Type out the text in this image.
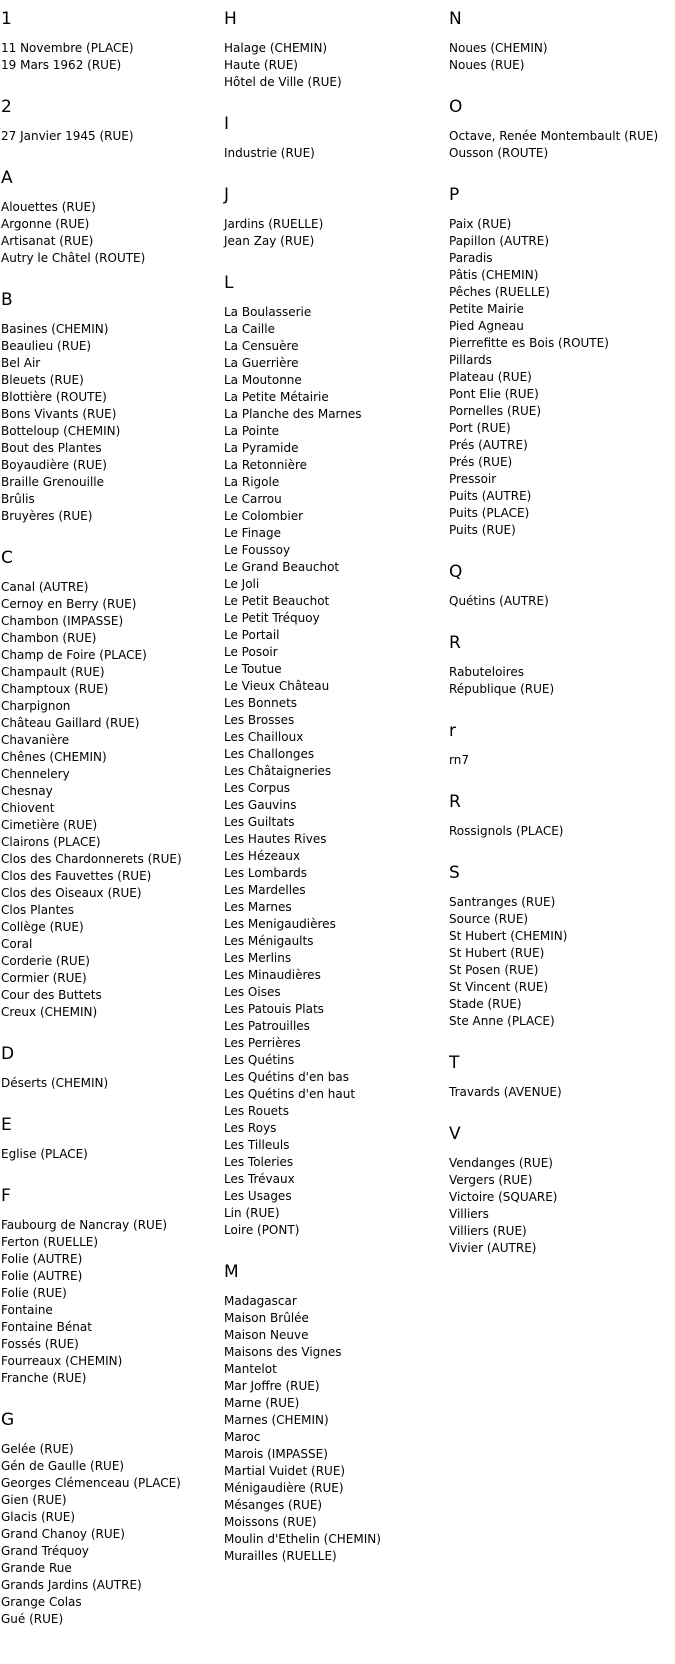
1
11 Novembre (PLACE)
19 Mars 1962 (RUE)
2
27 Janvier 1945 (RUE)
A
Alouettes (RUE)
Argonne (RUE)
Artisanat (RUE)
Autry le Châtel (ROUTE)
B
Basines (CHEMIN)
Beaulieu (RUE)
Bel Air
Bleuets (RUE)
Blottière (ROUTE)
Bons Vivants (RUE)
Botteloup (CHEMIN)
Bout des Plantes
Boyaudière (RUE)
Braille Grenouille
Brûlis
Bruyères (RUE)
C
Canal (AUTRE)
Cernoy en Berry (RUE)
Chambon (IMPASSE)
Chambon (RUE)
Champ de Foire (PLACE)
Champault (RUE)
Champtoux (RUE)
Charpignon
Château Gaillard (RUE)
Chavanière
Chênes (CHEMIN)
Chennelery
Chesnay
Chiovent
Cimetière (RUE)
Clairons (PLACE)
Clos des Chardonnerets (RUE)
Clos des Fauvettes (RUE)
Clos des Oiseaux (RUE)
Clos Plantes
Collège (RUE)
Coral
Corderie (RUE)
Cormier (RUE)
Cour des Buttets
Creux (CHEMIN)
D
Déserts (CHEMIN)
E
Eglise (PLACE)
F
Faubourg de Nancray (RUE)
Ferton (RUELLE)
Folie (AUTRE)
Folie (AUTRE)
Folie (RUE)
Fontaine
Fontaine Bénat
Fossés (RUE)
Fourreaux (CHEMIN)
Franche (RUE)
G
Gelée (RUE)
Gén de Gaulle (RUE)
Georges Clémenceau (PLACE)
Gien (RUE)
Glacis (RUE)
Grand Chanoy (RUE)
Grand Tréquoy
Grande Rue
Grands Jardins (AUTRE)
Grange Colas
Gué (RUE)
H
Halage (CHEMIN)
Haute (RUE)
Hôtel de Ville (RUE)
I
Industrie (RUE)
J
Jardins (RUELLE)
Jean Zay (RUE)
L
La Boulasserie
La Caille
La Censuère
La Guerrière
La Moutonne
La Petite Métairie
La Planche des Marnes
La Pointe
La Pyramide
La Retonnière
La Rigole
Le Carrou
Le Colombier
Le Finage
Le Foussoy
Le Grand Beauchot
Le Joli
Le Petit Beauchot
Le Petit Tréquoy
Le Portail
Le Posoir
Le Toutue
Le Vieux Château
Les Bonnets
Les Brosses
Les Chailloux
Les Challonges
Les Châtaigneries
Les Corpus
Les Gauvins
Les Guiltats
Les Hautes Rives
Les Hézeaux
Les Lombards
Les Mardelles
Les Marnes
Les Menigaudières
Les Ménigaults
Les Merlins
Les Minaudières
Les Oises
Les Patouis Plats
Les Patrouilles
Les Perrières
Les Quétins
Les Quétins d'en bas
Les Quétins d'en haut
Les Rouets
Les Roys
Les Tilleuls
Les Toleries
Les Trévaux
Les Usages
Lin (RUE)
Loire (PONT)
M
Madagascar
Maison Brûlée
Maison Neuve
Maisons des Vignes
Mantelot
Mar Joffre (RUE)
Marne (RUE)
Marnes (CHEMIN)
Maroc
Marois (IMPASSE)
Martial Vuidet (RUE)
Ménigaudière (RUE)
Mésanges (RUE)
Moissons (RUE)
Moulin d'Ethelin (CHEMIN)
Murailles (RUELLE)
N
Noues (CHEMIN)
Noues (RUE)
O
Octave, Renée Montembault (RUE)
Ousson (ROUTE)
P
Paix (RUE)
Papillon (AUTRE)
Paradis
Pâtis (CHEMIN)
Pêches (RUELLE)
Petite Mairie
Pied Agneau
Pierrefitte es Bois (ROUTE)
Pillards
Plateau (RUE)
Pont Elie (RUE)
Pornelles (RUE)
Port (RUE)
Prés (AUTRE)
Prés (RUE)
Pressoir
Puits (AUTRE)
Puits (PLACE)
Puits (RUE)
Q
Quétins (AUTRE)
R
Rabuteloires
République (RUE)
r
rn7
R
Rossignols (PLACE)
S
Santranges (RUE)
Source (RUE)
St Hubert (CHEMIN)
St Hubert (RUE)
St Posen (RUE)
St Vincent (RUE)
Stade (RUE)
Ste Anne (PLACE)
T
Travards (AVENUE)
V
Vendanges (RUE)
Vergers (RUE)
Victoire (SQUARE)
Villiers
Villiers (RUE)
Vivier (AUTRE)
